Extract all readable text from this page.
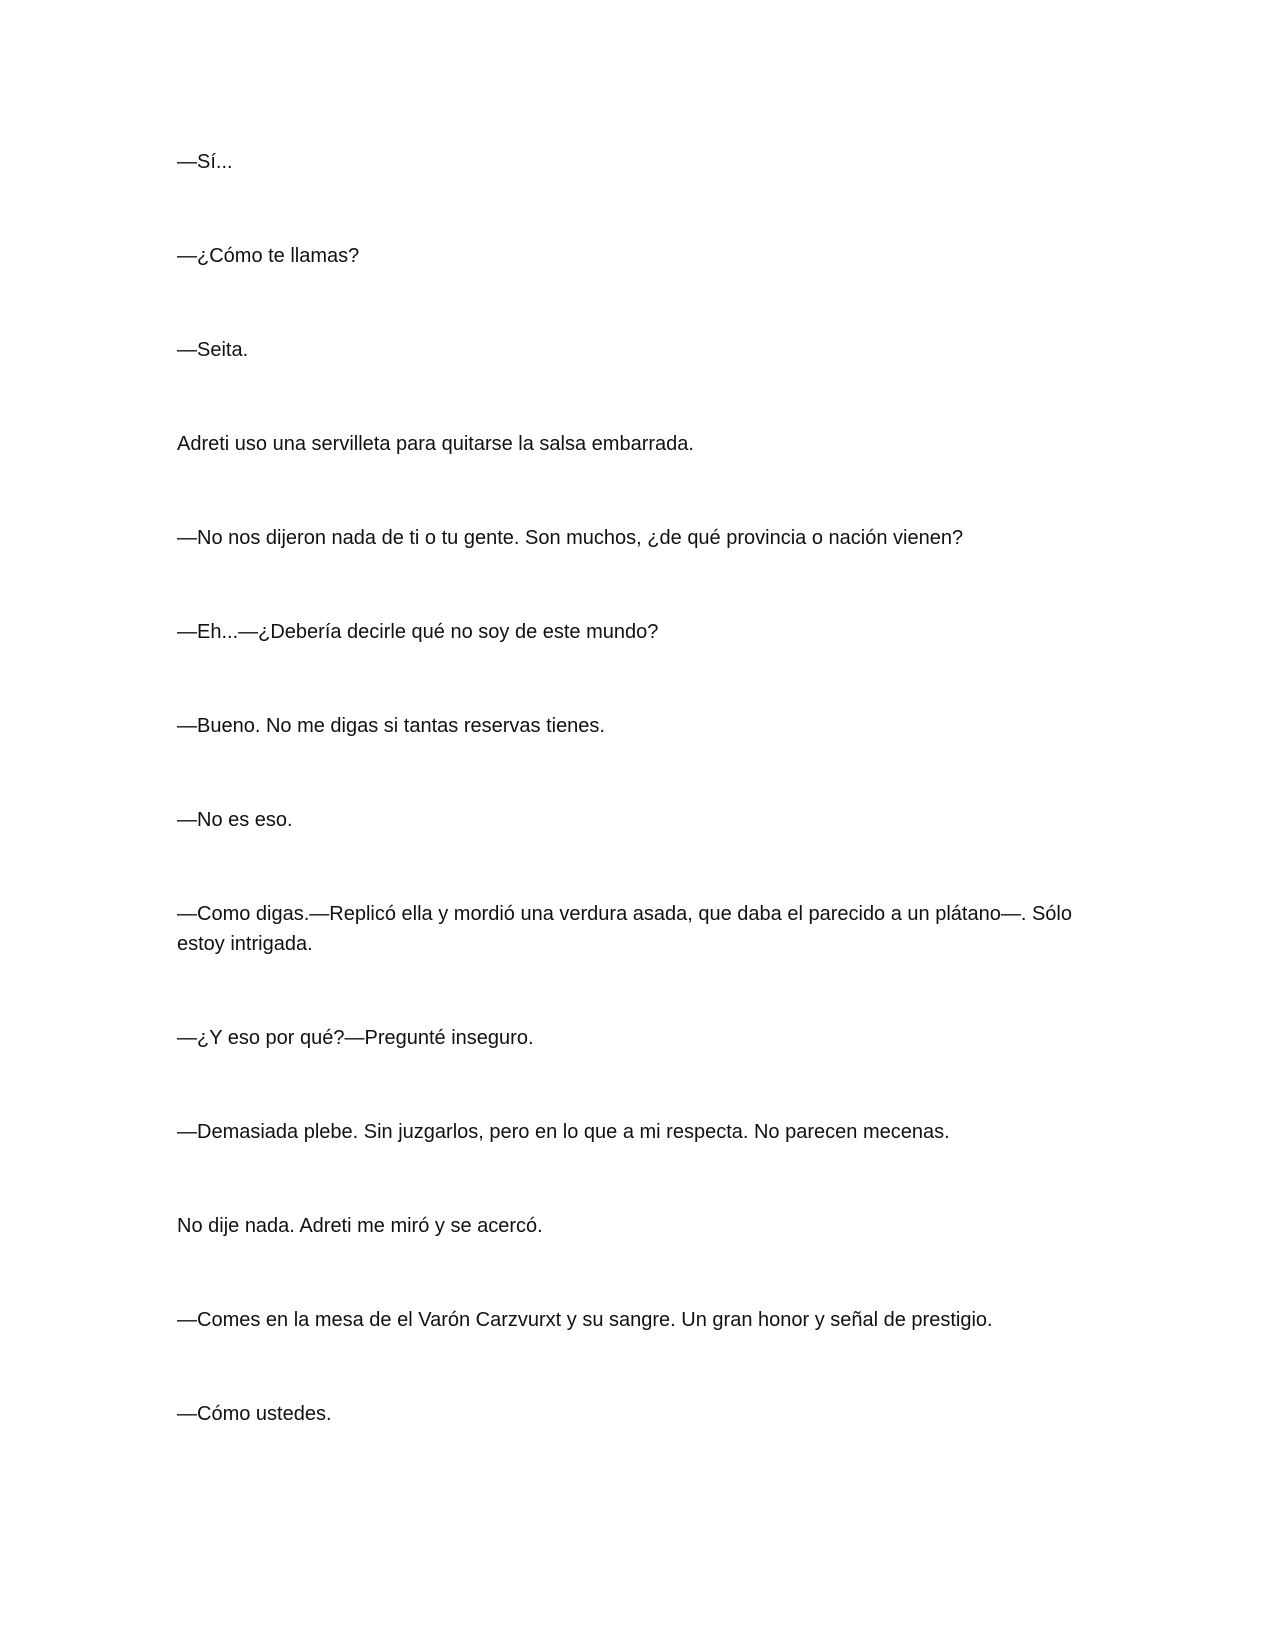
—Sí...

—¿Cómo te llamas?

—Seita.

Adreti uso una servilleta para quitarse la salsa embarrada.

—No nos dijeron nada de ti o tu gente. Son muchos, ¿de qué provincia o nación vienen?

—Eh...—¿Debería decirle qué no soy de este mundo?

—Bueno. No me digas si tantas reservas tienes.

—No es eso.

—Como digas.—Replicó ella y mordió una verdura asada, que daba el parecido a un plátano—. Sólo estoy intrigada.

—¿Y eso por qué?—Pregunté inseguro.

—Demasiada plebe. Sin juzgarlos, pero en lo que a mi respecta. No parecen mecenas.

No dije nada. Adreti me miró y se acercó.

—Comes en la mesa de el Varón Carzvurxt y su sangre. Un gran honor y señal de prestigio.

—Cómo ustedes.
